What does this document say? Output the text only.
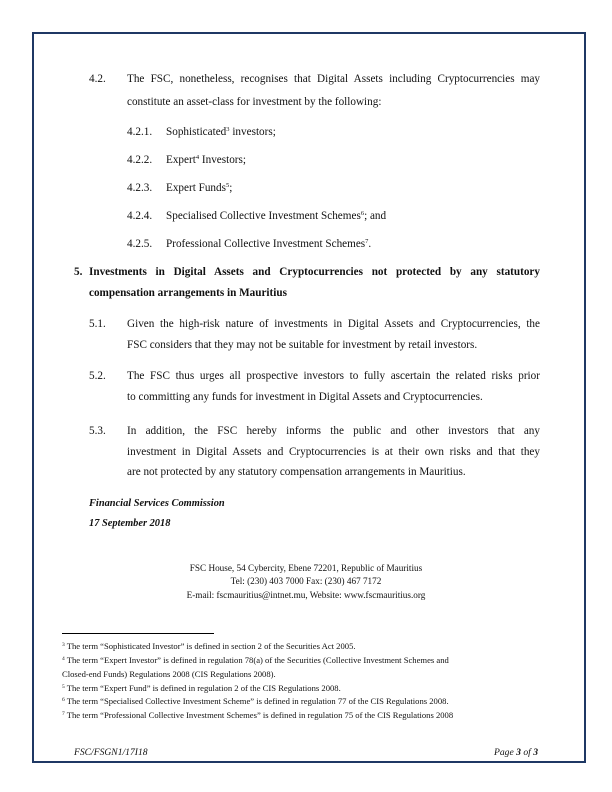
4.2. The FSC, nonetheless, recognises that Digital Assets including Cryptocurrencies may
constitute an asset-class for investment by the following:
4.2.1. Sophisticated$^3$ investors;
4.2.2. Expert$^4$ Investors;
4.2.3. Expert Funds$^5$;
4.2.4. Specialised Collective Investment Schemes$^6$; and
4.2.5. Professional Collective Investment Schemes$^7$.
5. Investments in Digital Assets and Cryptocurrencies not protected by any statutory
compensation arrangements in Mauritius
5.1. Given the high-risk nature of investments in Digital Assets and Cryptocurrencies, the
FSC considers that they may not be suitable for investment by retail investors.
5.2. The FSC thus urges all prospective investors to fully ascertain the related risks prior
to committing any funds for investment in Digital Assets and Cryptocurrencies.
5.3. In addition, the FSC hereby informs the public and other investors that any
investment in Digital Assets and Cryptocurrencies is at their own risks and that they
are not protected by any statutory compensation arrangements in Mauritius.
Financial Services Commission
17 September 2018
FSC House, 54 Cybercity, Ebene 72201, Republic of Mauritius
Tel: (230) 403 7000 Fax: (230) 467 7172
E-mail: fscmauritius@intnet.mu, Website: www.fscmauritius.org
$^3$ The term “Sophisticated Investor” is defined in section 2 of the Securities Act 2005.
$^4$ The term “Expert Investor” is defined in regulation 78(a) of the Securities (Collective Investment Schemes and
Closed-end Funds) Regulations 2008 (CIS Regulations 2008).
$^5$ The term “Expert Fund” is defined in regulation 2 of the CIS Regulations 2008.
$^6$ The term “Specialised Collective Investment Scheme” is defined in regulation 77 of the CIS Regulations 2008.
$^7$ The term “Professional Collective Investment Schemes” is defined in regulation 75 of the CIS Regulations 2008
FSC/FSGN1/17I18	Page 3 of 3
